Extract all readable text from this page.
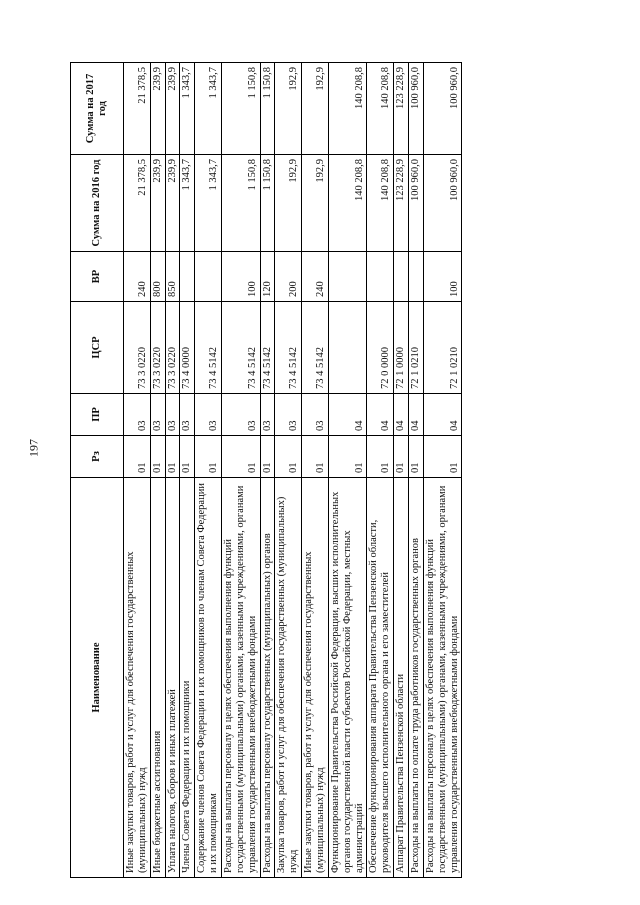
197
Наименование	Рз	ПР	ЦСР	ВР	Сумма на 2016 год	Сумма на 2017 год
Иные закупки товаров, работ и услуг для обеспечения государственных (муниципальных) нужд	01	03	73 3 0220	240	21 378,5	21 378,5
Иные бюджетные ассигнования	01	03	73 3 0220	800	239,9	239,9
Уплата налогов, сборов и иных платежей	01	03	73 3 0220	850	239,9	239,9
Члены Совета Федерации и их помощники	01	03	73 4 0000		1 343,7	1 343,7
Содержание членов Совета Федерации и их помощников по членам Совета Федерации и их помощникам	01	03	73 4 5142		1 343,7	1 343,7
Расходы на выплаты персоналу в целях обеспечения выполнения функций государственными (муниципальными) органами, казенными учреждениями, органами управления государственными внебюджетными фондами	01	03	73 4 5142	100	1 150,8	1 150,8
Расходы на выплаты персоналу государственных (муниципальных) органов	01	03	73 4 5142	120	1 150,8	1 150,8
Закупка товаров, работ и услуг для обеспечения государственных (муниципальных) нужд	01	03	73 4 5142	200	192,9	192,9
Иные закупки товаров, работ и услуг для обеспечения государственных (муниципальных) нужд	01	03	73 4 5142	240	192,9	192,9
Функционирование Правительства Российской Федерации, высших исполнительных органов государственной власти субъектов Российской Федерации, местных администраций	01	04			140 208,8	140 208,8
Обеспечение функционирования аппарата Правительства Пензенской области, руководителя высшего исполнительного органа и его заместителей	01	04	72 0 0000		140 208,8	140 208,8
Аппарат Правительства Пензенской области	01	04	72 1 0000		123 228,9	123 228,9
Расходы на выплаты по оплате труда работников государственных органов	01	04	72 1 0210		100 960,0	100 960,0
Расходы на выплаты персоналу в целях обеспечения выполнения функций государственными (муниципальными) органами, казенными учреждениями, органами управления государственными внебюджетными фондами	01	04	72 1 0210	100	100 960,0	100 960,0
